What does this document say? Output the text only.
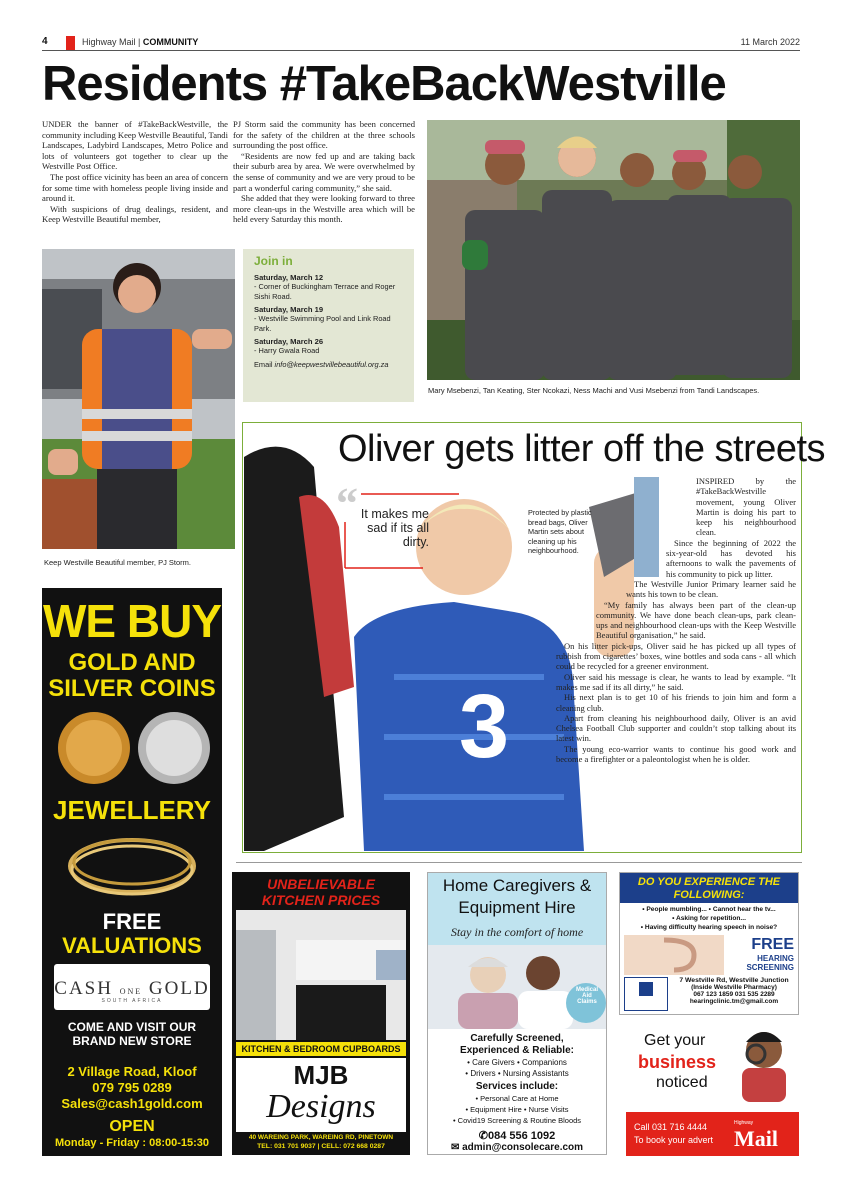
4	Highway Mail | COMMUNITY	11 March 2022
Residents #TakeBackWestville

UNDER the banner of #TakeBackWestville, the community including Keep Westville Beautiful, Tandi Landscapes, Ladybird Landscapes, Metro Police and lots of volunteers got together to clear up the Westville Post Office.

The post office vicinity has been an area of concern for some time with homeless people living inside and around it.

With suspicions of drug dealings, resident, and Keep Westville Beautiful member,

PJ Storm said the community has been concerned for the safety of the children at the three schools surrounding the post office.

“Residents are now fed up and are taking back their suburb area by area. We were overwhelmed by the sense of community and we are very proud to be part a wonderful caring community,” she said.

She added that they were looking forward to three more clean-ups in the Westville area which will be held every Saturday this month.

Mary Msebenzi, Tan Keating, Ster Ncokazi, Ness Machi and Vusi Msebenzi from Tandi Landscapes.
Keep Westville Beautiful member, PJ Storm.
Join in
Saturday, March 12
- Corner of Buckingham Terrace and Roger Sishi Road.
Saturday, March 19
- Westville Swimming Pool and Link Road Park.
Saturday, March 26
- Harry Gwala Road
Email info@keepwestvillebeautiful.org.za
3
Oliver gets litter off the streets
“ It makes me sad if its all dirty.
Protected by plastic bread bags, Oliver Martin sets about cleaning up his neighbourhood.

INSPIRED by the #TakeBackWestville movement, young Oliver Martin is doing his part to keep his neighbourhood clean.

Since the beginning of 2022 the six-year-old has devoted his afternoons to walk the pavements of his community to pick up litter.

The Westville Junior Primary learner said he wants his town to be clean.

“My family has always been part of the clean-up community. We have done beach clean-ups, park clean-ups and neighbourhood clean-ups with the Keep Westville Beautiful organisation,” he said.

On his litter pick-ups, Oliver said he has picked up all types of rubbish from cigarettes’ boxes, wine bottles and soda cans - all which could be recycled for a greener environment.

Oliver said his message is clear, he wants to lead by example. “It makes me sad if its all dirty,” he said.

His next plan is to get 10 of his friends to join him and form a cleaning club.

Apart from cleaning his neighbourhood daily, Oliver is an avid Chelsea Football Club supporter and couldn’t stop talking about its latest win.

The young eco-warrior wants to continue his good work and become a firefighter or a paleontologist when he is older.

WE BUY
GOLD AND
SILVER COINS
JEWELLERY
FREE
VALUATIONS
CASH ONE GOLD
SOUTH AFRICA
COME AND VISIT OUR
BRAND NEW STORE
2 Village Road, Kloof
079 795 0289
Sales@cash1gold.com
OPEN
Monday - Friday : 08:00-15:30
UNBELIEVABLE
KITCHEN PRICES
KITCHEN & BEDROOM CUPBOARDS
MJB
Designs
40 WAREING PARK, WAREING RD, PINETOWN
TEL: 031 701 9037 | CELL: 072 668 0287
Home Caregivers &
Equipment Hire
Stay in the comfort of home
Medical
Aid
Claims
Carefully Screened,
Experienced & Reliable:
• Care Givers • Companions
• Drivers • Nursing Assistants
Services include:
• Personal Care at Home
• Equipment Hire • Nurse Visits
• Covid19 Screening & Routine Bloods
✆084 556 1092
✉ admin@consolecare.com
DO YOU EXPERIENCE THE
FOLLOWING:
• People mumbling... • Cannot hear the tv...
• Asking for repetition...
• Having difficulty hearing speech in noise?
FREE
HEARING
SCREENING
7 Westville Rd, Westville Junction
(Inside Westville Pharmacy)
067 123 1859 031 535 2289
hearingclinic.tm@gmail.com
Get your
business
noticed
Call 031 716 4444
To book your advert
Highway
Mail
